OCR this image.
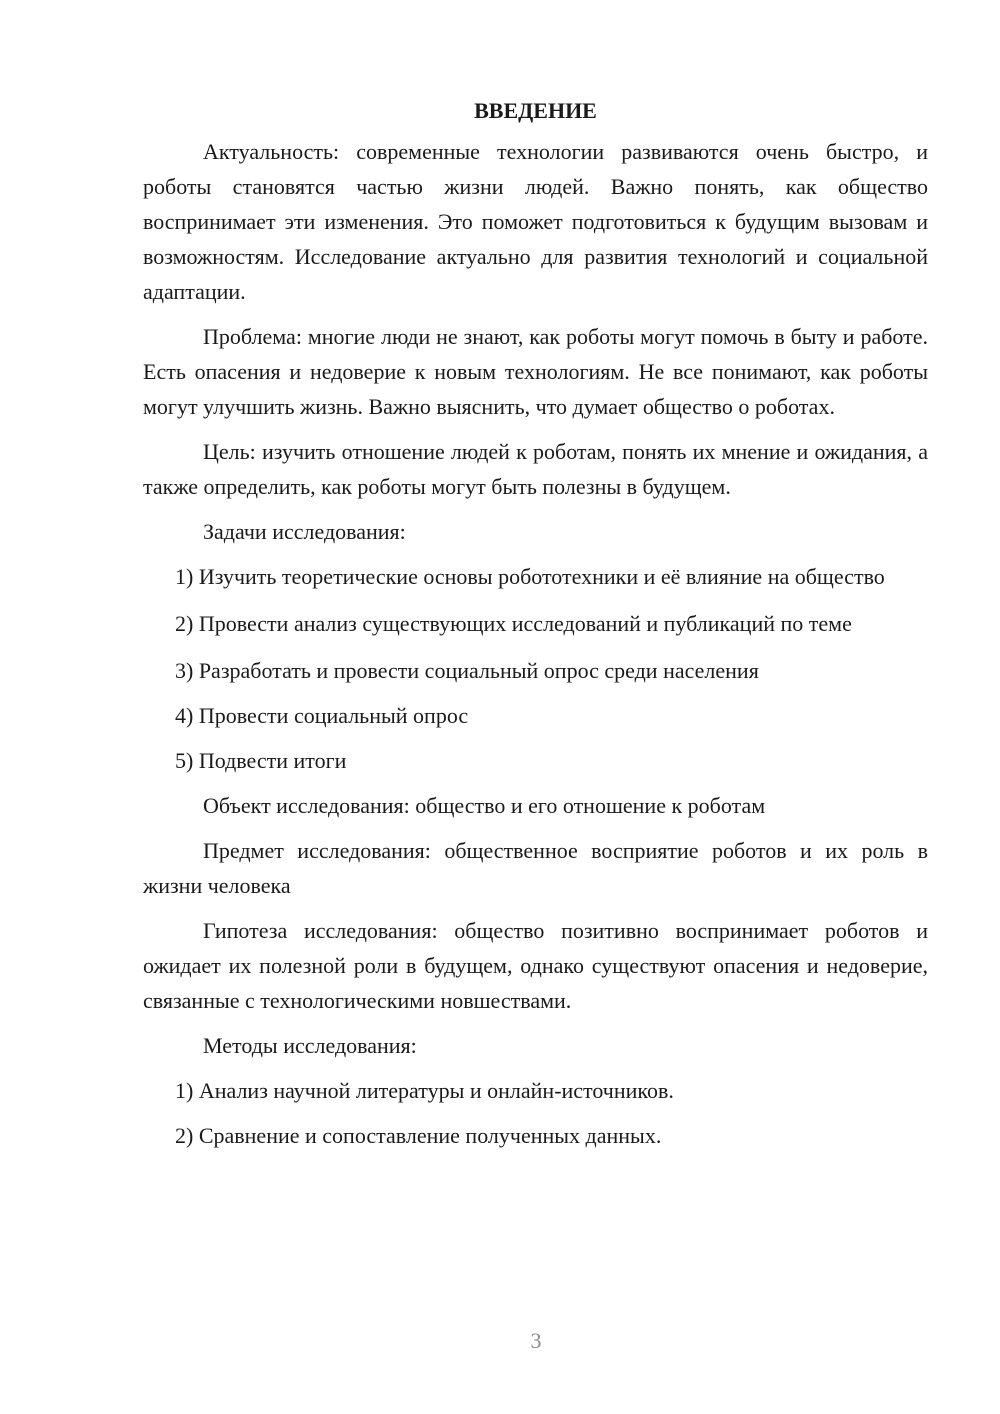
ВВЕДЕНИЕ

Актуальность: современные технологии развиваются очень быстро, и роботы становятся частью жизни людей. Важно понять, как общество воспринимает эти изменения. Это поможет подготовиться к будущим вызовам и возможностям. Исследование актуально для развития технологий и социальной адаптации.

Проблема: многие люди не знают, как роботы могут помочь в быту и работе. Есть опасения и недоверие к новым технологиям. Не все понимают, как роботы могут улучшить жизнь. Важно выяснить, что думает общество о роботах.

Цель: изучить отношение людей к роботам, понять их мнение и ожидания, а также определить, как роботы могут быть полезны в будущем.

Задачи исследования:

1) Изучить теоретические основы робототехники и её влияние на общество

2) Провести анализ существующих исследований и публикаций по теме

3) Разработать и провести социальный опрос среди населения

4) Провести социальный опрос

5) Подвести итоги

Объект исследования: общество и его отношение к роботам

Предмет исследования: общественное восприятие роботов и их роль в жизни человека

Гипотеза исследования: общество позитивно воспринимает роботов и ожидает их полезной роли в будущем, однако существуют опасения и недоверие, связанные с технологическими новшествами.

Методы исследования:

1) Анализ научной литературы и онлайн-источников.

2) Сравнение и сопоставление полученных данных.

3
